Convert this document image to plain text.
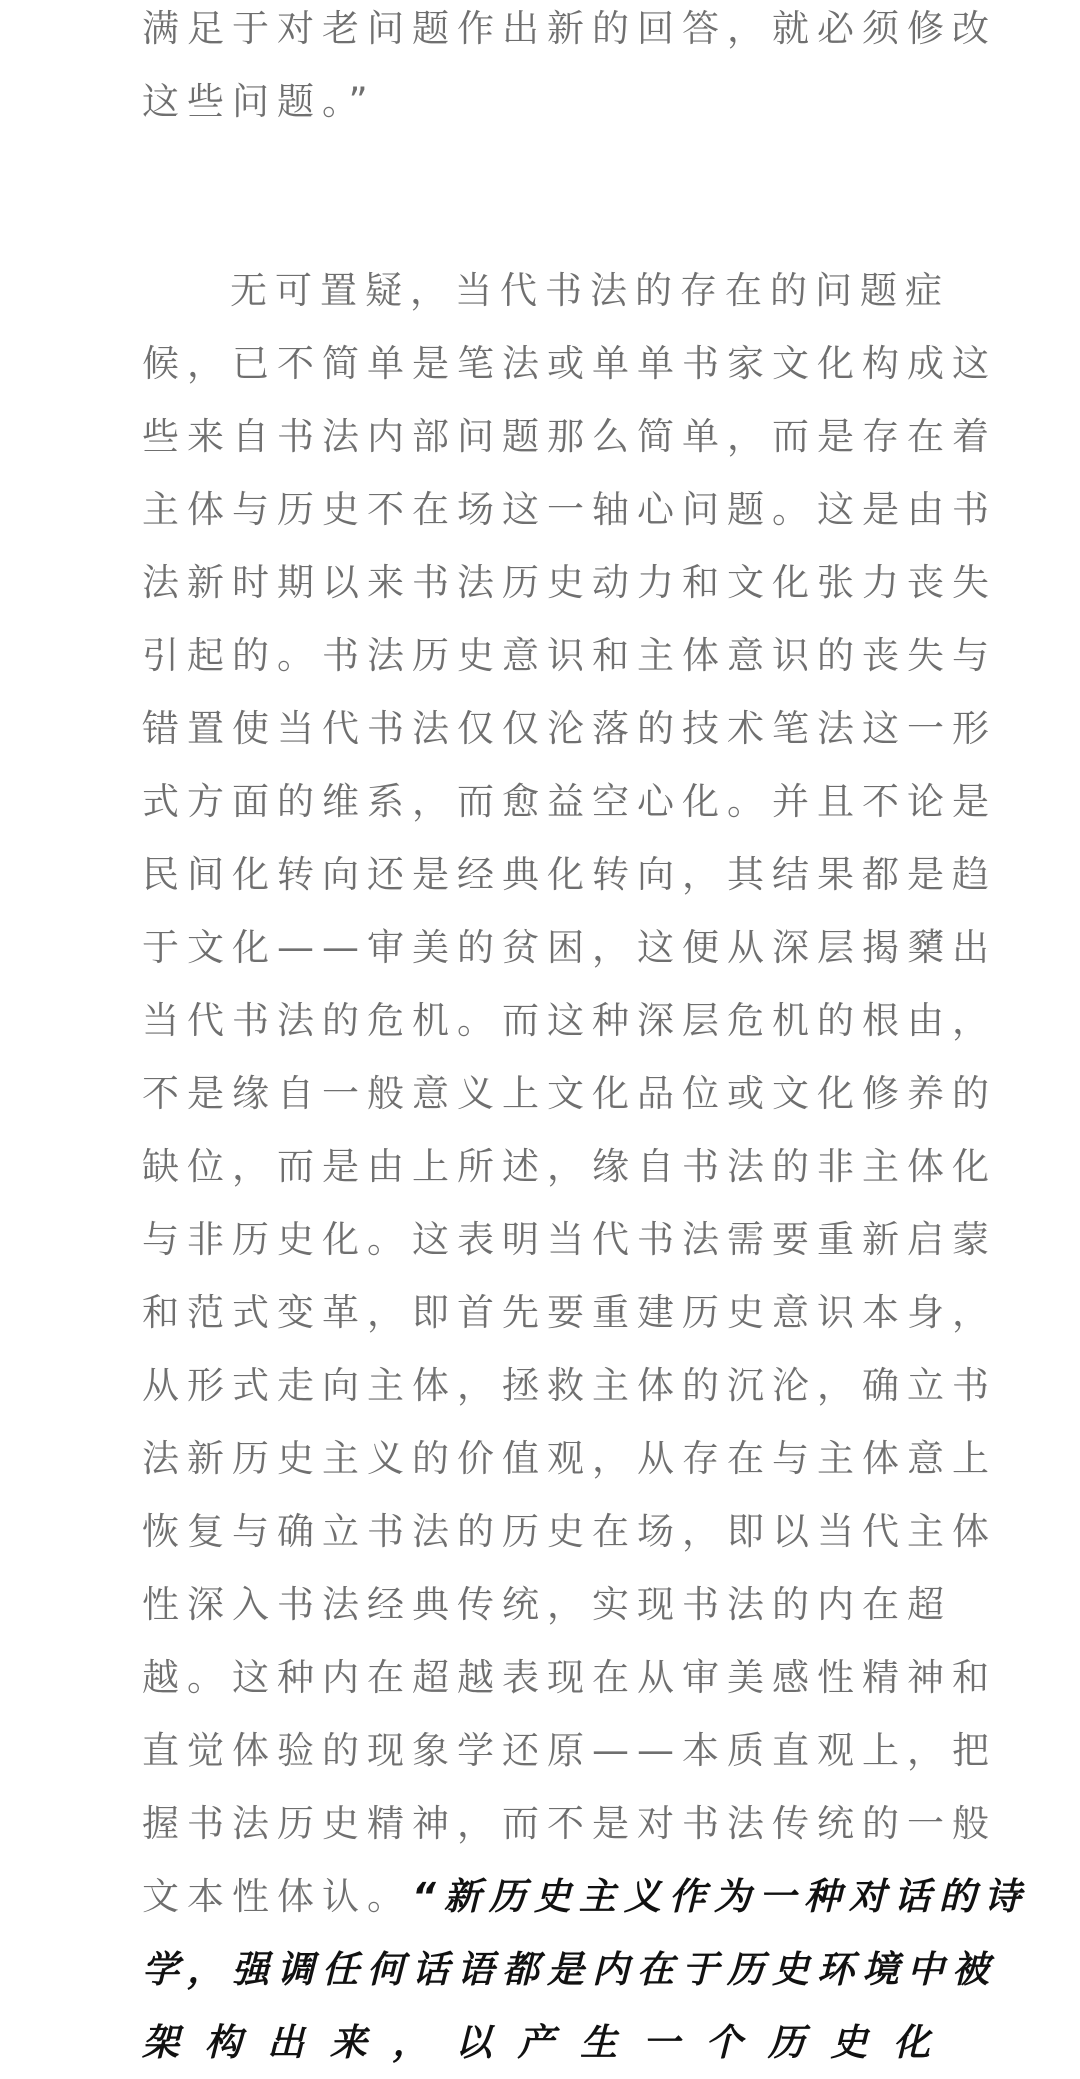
满足于对老问题作出新的回答，就必须修改
这些问题。”
无可置疑，当代书法的存在的问题症
候，已不简单是笔法或单单书家文化构成这
些来自书法内部问题那么简单，而是存在着
主体与历史不在场这一轴心问题。这是由书
法新时期以来书法历史动力和文化张力丧失
引起的。书法历史意识和主体意识的丧失与
错置使当代书法仅仅沦落的技术笔法这一形
式方面的维系，而愈益空心化。并且不论是
民间化转向还是经典化转向，其结果都是趋
于文化——审美的贫困，这便从深层揭櫫出
当代书法的危机。而这种深层危机的根由，
不是缘自一般意义上文化品位或文化修养的
缺位，而是由上所述，缘自书法的非主体化
与非历史化。这表明当代书法需要重新启蒙
和范式变革，即首先要重建历史意识本身，
从形式走向主体，拯救主体的沉沦，确立书
法新历史主义的价值观，从存在与主体意上
恢复与确立书法的历史在场，即以当代主体
性深入书法经典传统，实现书法的内在超
越。这种内在超越表现在从审美感性精神和
直觉体验的现象学还原——本质直观上，把
握书法历史精神，而不是对书法传统的一般
文本性体认。“新历史主义作为一种对话的诗
学，强调任何话语都是内在于历史环境中被
架构出来，以产生一个历史化
